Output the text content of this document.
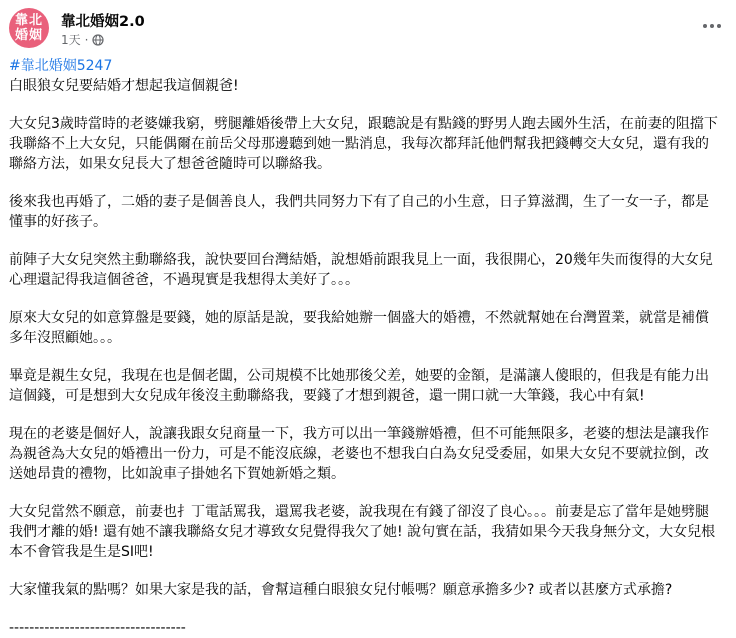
靠北婚姻
靠北婚姻2.0
1天 ·

#靠北婚姻5247

白眼狼女兒要結婚才想起我這個親爸!

大女兒3歲時當時的老婆嫌我窮，劈腿離婚後帶上大女兒，跟聽說是有點錢的野男人跑去國外生活，在前妻的阻擋下我聯絡不上大女兒，只能偶爾在前岳父母那邊聽到她一點消息，我每次都拜託他們幫我把錢轉交大女兒，還有我的聯絡方法，如果女兒長大了想爸爸隨時可以聯絡我。

後來我也再婚了，二婚的妻子是個善良人，我們共同努力下有了自己的小生意，日子算滋潤，生了一女一子，都是懂事的好孩子。

前陣子大女兒突然主動聯絡我，說快要回台灣結婚，說想婚前跟我見上一面，我很開心，20幾年失而復得的大女兒心理還記得我這個爸爸，不過現實是我想得太美好了。。。

原來大女兒的如意算盤是要錢，她的原話是說，要我給她辦一個盛大的婚禮，不然就幫她在台灣置業，就當是補償多年沒照顧她。。。

畢竟是親生女兒，我現在也是個老闆，公司規模不比她那後父差，她要的金額，是滿讓人傻眼的，但我是有能力出這個錢，可是想到大女兒成年後沒主動聯絡我，要錢了才想到親爸，還一開口就一大筆錢，我心中有氣!

現在的老婆是個好人，說讓我跟女兒商量一下，我方可以出一筆錢辦婚禮，但不可能無限多，老婆的想法是讓我作為親爸為大女兒的婚禮出一份力，可是不能沒底線，老婆也不想我白白為女兒受委屈，如果大女兒不要就拉倒，改送她昂貴的禮物，比如說車子掛她名下賀她新婚之類。

大女兒當然不願意，前妻也扌丁電話罵我，還罵我老婆，說我現在有錢了卻沒了良心。。。前妻是忘了當年是她劈腿我們才離的婚! 還有她不讓我聯絡女兒才導致女兒覺得我欠了她! 說句實在話，我猜如果今天我身無分文，大女兒根本不會管我是生是SI吧!

大家懂我氣的點嗎？如果大家是我的話，會幫這種白眼狼女兒付帳嗎？願意承擔多少? 或者以甚麼方式承擔?

-----------------------------------
